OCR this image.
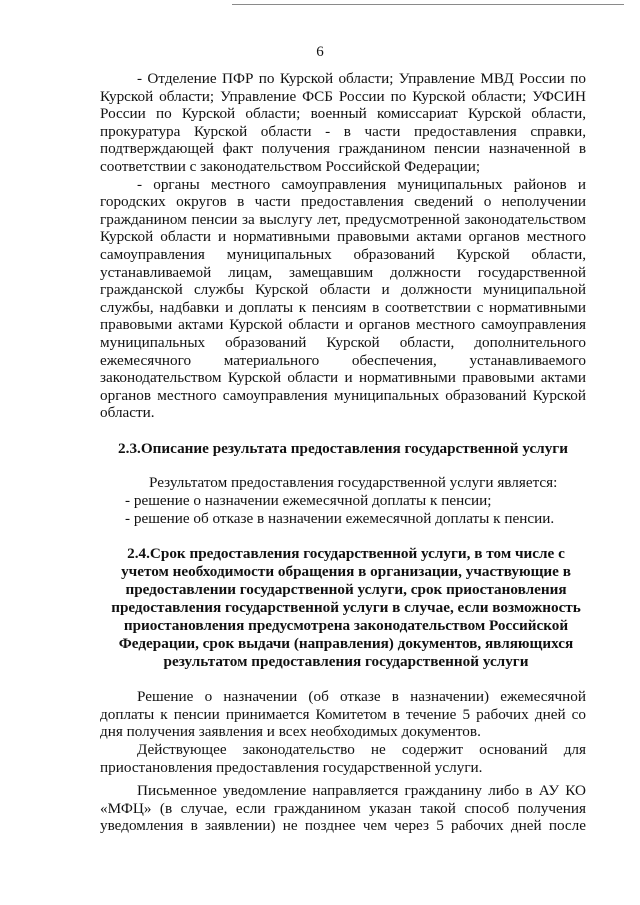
6

- Отделение ПФР по Курской области; Управление МВД России по Курской области; Управление ФСБ России по Курской области; УФСИН России по Курской области; военный комиссариат Курской области, прокуратура Курской области - в части предоставления справки, подтверждающей факт получения гражданином пенсии назначенной в соответствии с законодательством Российской Федерации;

- органы местного самоуправления муниципальных районов и городских округов в части предоставления сведений о неполучении гражданином пенсии за выслугу лет, предусмотренной законодательством Курской области и нормативными правовыми актами органов местного самоуправления муниципальных образований Курской области, устанавливаемой лицам, замещавшим должности государственной гражданской службы Курской области и должности муниципальной службы, надбавки и доплаты к пенсиям в соответствии с нормативными правовыми актами Курской области и органов местного самоуправления муниципальных образований Курской области, дополнительного ежемесячного материального обеспечения, устанавливаемого законодательством Курской области и нормативными правовыми актами органов местного самоуправления муниципальных образований Курской области.

2.3.Описание результата предоставления государственной услуги

Результатом предоставления государственной услуги является:

- решение о назначении ежемесячной доплаты к пенсии;

- решение об отказе в назначении ежемесячной доплаты к пенсии.

2.4.Срок предоставления государственной услуги, в том числе с учетом необходимости обращения в организации, участвующие в предоставлении государственной услуги, срок приостановления предоставления государственной услуги в случае, если возможность приостановления предусмотрена законодательством Российской Федерации, срок выдачи (направления) документов, являющихся результатом предоставления государственной услуги

Решение о назначении (об отказе в назначении) ежемесячной доплаты к пенсии принимается Комитетом в течение 5 рабочих дней со дня получения заявления и всех необходимых документов.

Действующее законодательство не содержит оснований для приостановления предоставления государственной услуги.

Письменное уведомление направляется гражданину либо в АУ КО «МФЦ» (в случае, если гражданином указан такой способ получения уведомления в заявлении) не позднее чем через 5 рабочих дней после
